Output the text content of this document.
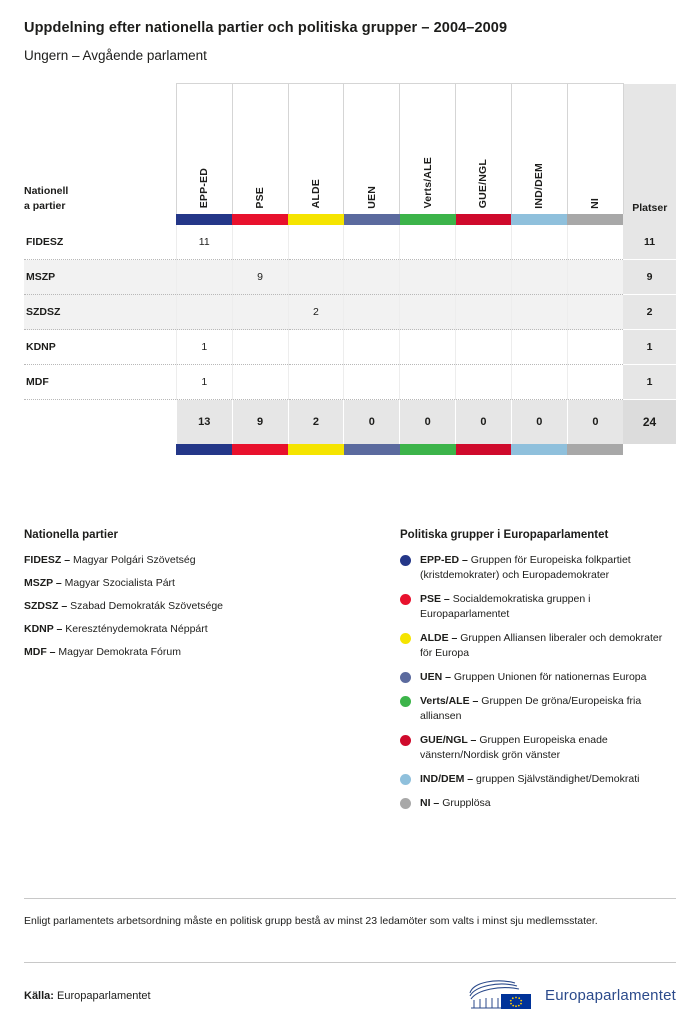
Uppdelning efter nationella partier och politiska grupper – 2004–2009
Ungern – Avgående parlament
Nationell
a partier	EPP-ED	PSE	ALDE	UEN	Verts/ALE	GUE/NGL	IND/DEM	NI	Platser

FIDESZ	11								11
MSZP		9							9
SZDSZ			2						2
KDNP	1								1
MDF	1								1
	13	9	2	0	0	0	0	0	24

Nationella partier
FIDESZ – Magyar Polgári Szövetség
MSZP – Magyar Szocialista Párt
SZDSZ – Szabad Demokraták Szövetsége
KDNP – Kereszténydemokrata Néppárt
MDF – Magyar Demokrata Fórum
Politiska grupper i Europaparlamentet
EPP-ED – Gruppen för Europeiska folkpartiet (kristdemokrater) och Europademokrater
PSE – Socialdemokratiska gruppen i Europaparlamentet
ALDE – Gruppen Alliansen liberaler och demokrater för Europa
UEN – Gruppen Unionen för nationernas Europa
Verts/ALE – Gruppen De gröna/Europeiska fria alliansen
GUE/NGL – Gruppen Europeiska enade vänstern/Nordisk grön vänster
IND/DEM – gruppen Självständighet/Demokrati
NI – Grupplösa
Enligt parlamentets arbetsordning måste en politisk grupp bestå av minst 23 ledamöter som valts i minst sju medlemsstater.
Källa: Europaparlamentet	Europaparlamentet
